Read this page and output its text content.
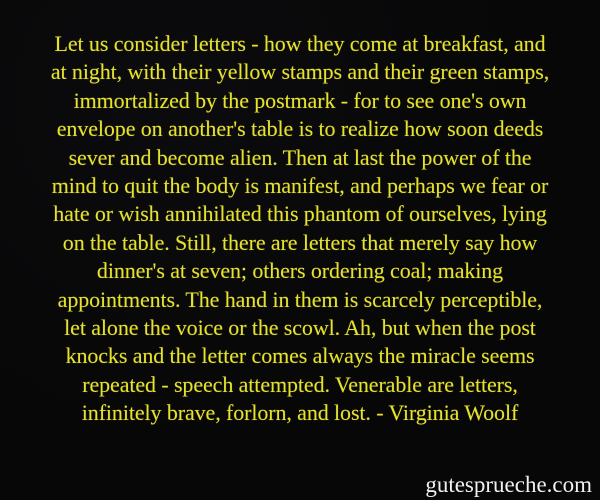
Let us consider letters - how they come at breakfast, and
at night, with their yellow stamps and their green stamps,
immortalized by the postmark - for to see one's own
envelope on another's table is to realize how soon deeds
sever and become alien. Then at last the power of the
mind to quit the body is manifest, and perhaps we fear or
hate or wish annihilated this phantom of ourselves, lying
on the table. Still, there are letters that merely say how
dinner's at seven; others ordering coal; making
appointments. The hand in them is scarcely perceptible,
let alone the voice or the scowl. Ah, but when the post
knocks and the letter comes always the miracle seems
repeated - speech attempted. Venerable are letters,
infinitely brave, forlorn, and lost. - Virginia Woolf
gutesprueche.com
